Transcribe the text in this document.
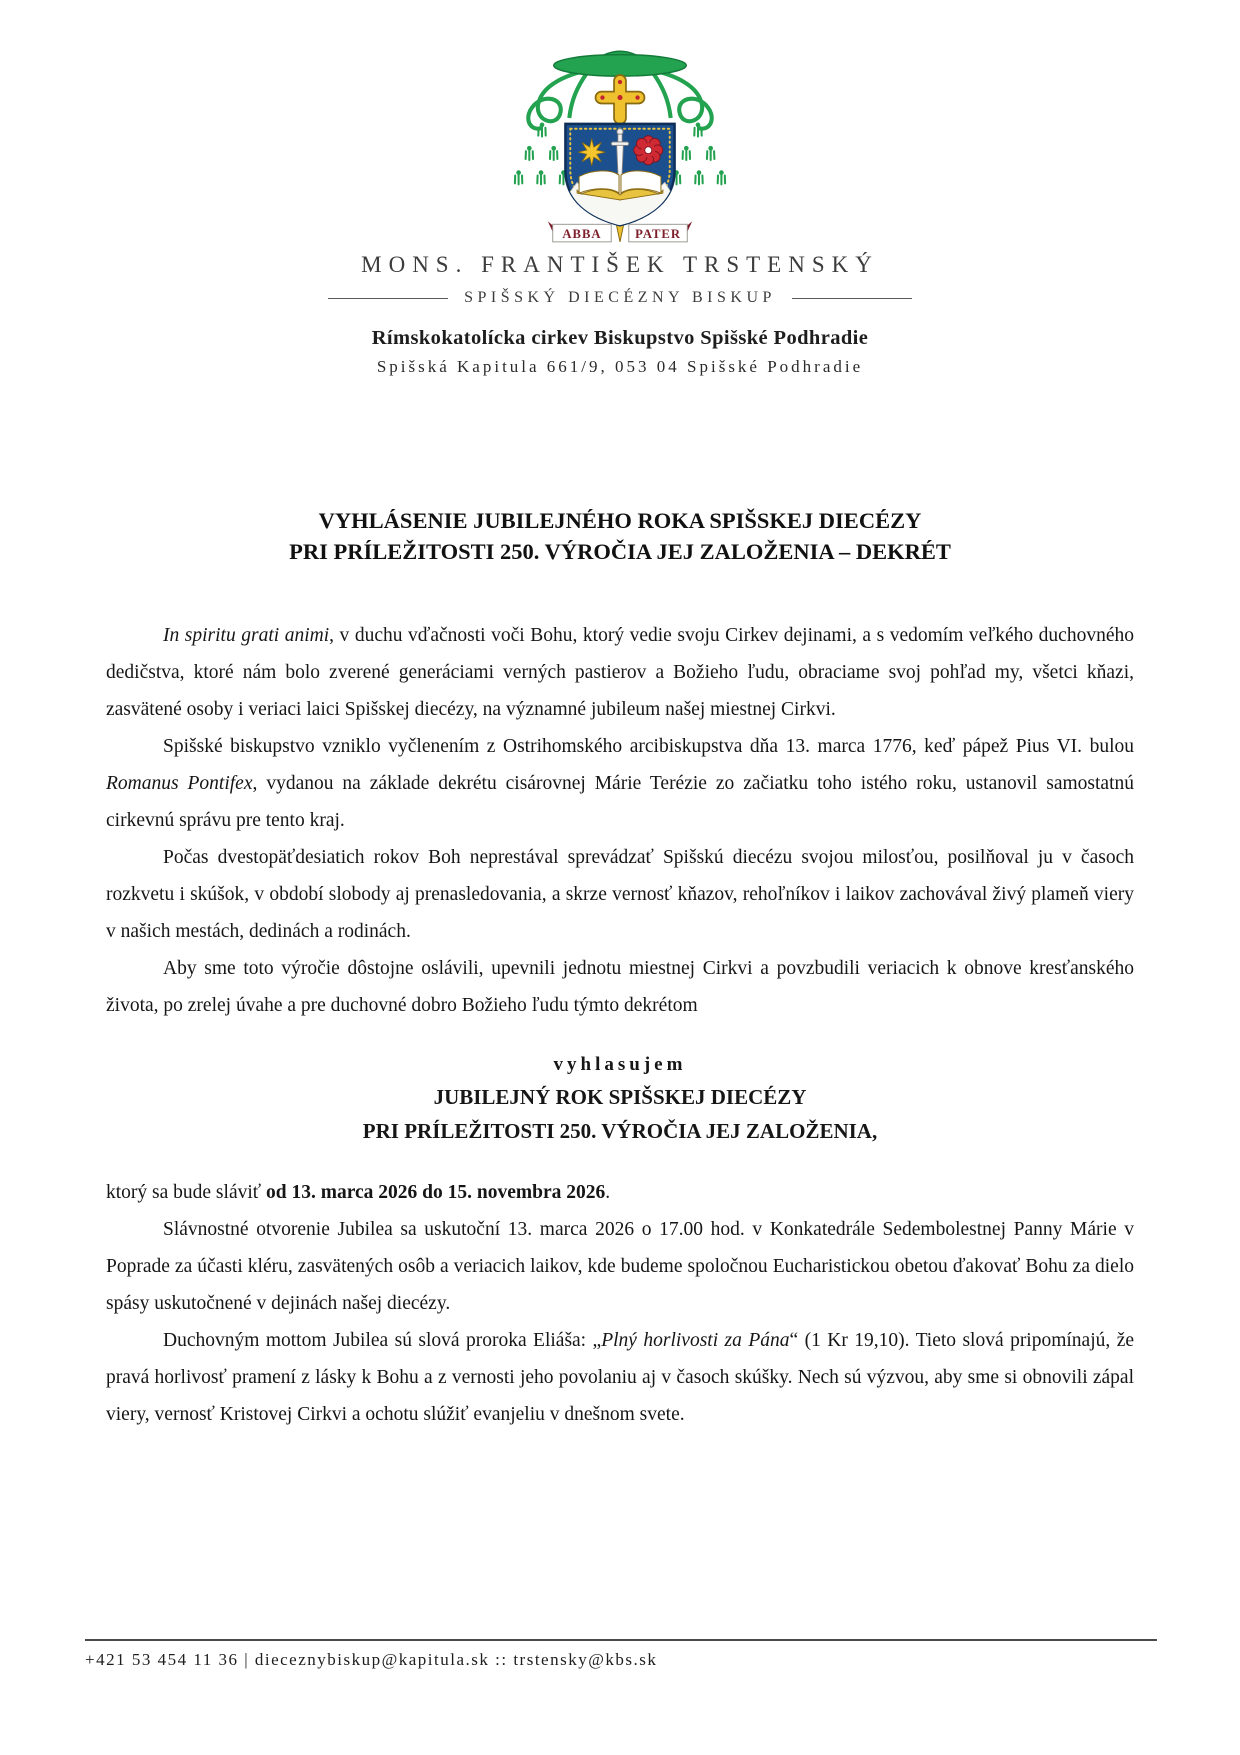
ABBA	PATER
MONS. FRANTIŠEK TRSTENSKÝ
SPIŠSKÝ DIECÉZNY BISKUP
Rímskokatolícka cirkev Biskupstvo Spišské Podhradie
Spišská Kapitula 661/9, 053 04 Spišské Podhradie
VYHLÁSENIE JUBILEJNÉHO ROKA SPIŠSKEJ DIECÉZY
PRI PRÍLEŽITOSTI 250. VÝROČIA JEJ ZALOŽENIA – DEKRÉT

In spiritu grati animi, v duchu vďačnosti voči Bohu, ktorý vedie svoju Cirkev dejinami, a s vedomím veľkého duchovného dedičstva, ktoré nám bolo zverené generáciami verných pastierov a Božieho ľudu, obraciame svoj pohľad my, všetci kňazi, zasvätené osoby i veriaci laici Spišskej diecézy, na významné jubileum našej miestnej Cirkvi.

Spišské biskupstvo vzniklo vyčlenením z Ostrihomského arcibiskupstva dňa 13. marca 1776, keď pápež Pius VI. bulou Romanus Pontifex, vydanou na základe dekrétu cisárovnej Márie Terézie zo začiatku toho istého roku, ustanovil samostatnú cirkevnú správu pre tento kraj.

Počas dvestopäťdesiatich rokov Boh neprestával sprevádzať Spišskú diecézu svojou milosťou, posilňoval ju v časoch rozkvetu i skúšok, v období slobody aj prenasledovania, a skrze vernosť kňazov, rehoľníkov i laikov zachovával živý plameň viery v našich mestách, dedinách a rodinách.

Aby sme toto výročie dôstojne oslávili, upevnili jednotu miestnej Cirkvi a povzbudili veriacich k obnove kresťanského života, po zrelej úvahe a pre duchovné dobro Božieho ľudu týmto dekrétom

vyhlasujem
JUBILEJNÝ ROK SPIŠSKEJ DIECÉZY
PRI PRÍLEŽITOSTI 250. VÝROČIA JEJ ZALOŽENIA,

ktorý sa bude sláviť od 13. marca 2026 do 15. novembra 2026.

Slávnostné otvorenie Jubilea sa uskutoční 13. marca 2026 o 17.00 hod. v Konkatedrále Sedembolestnej Panny Márie v Poprade za účasti kléru, zasvätených osôb a veriacich laikov, kde budeme spoločnou Eucharistickou obetou ďakovať Bohu za dielo spásy uskutočnené v dejinách našej diecézy.

Duchovným mottom Jubilea sú slová proroka Eliáša: „Plný horlivosti za Pána“ (1 Kr 19,10). Tieto slová pripomínajú, že pravá horlivosť pramení z lásky k Bohu a z vernosti jeho povolaniu aj v časoch skúšky. Nech sú výzvou, aby sme si obnovili zápal viery, vernosť Kristovej Cirkvi a ochotu slúžiť evanjeliu v dnešnom svete.

+421 53 454 11 36 | dieceznybiskup@kapitula.sk :: trstensky@kbs.sk
